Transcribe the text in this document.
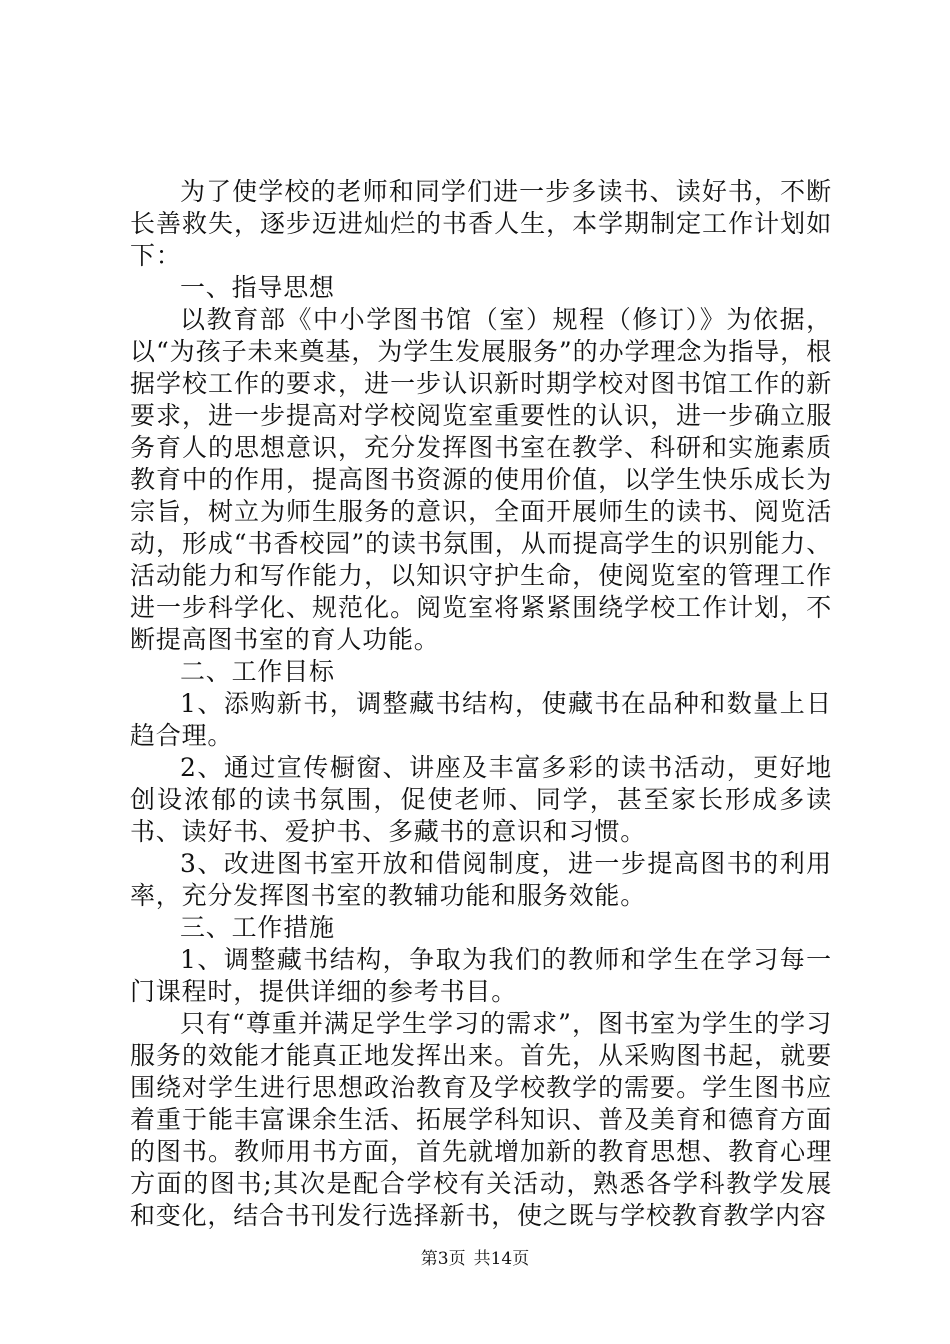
为了使学校的老师和同学们进一步多读书、读好书，不断长善救失，逐步迈进灿烂的书香人生，本学期制定工作计划如下：

一、指导思想

以教育部《中小学图书馆（室）规程（修订）》为依据，以“为孩子未来奠基，为学生发展服务”的办学理念为指导，根据学校工作的要求，进一步认识新时期学校对图书馆工作的新要求，进一步提高对学校阅览室重要性的认识，进一步确立服务育人的思想意识，充分发挥图书室在教学、科研和实施素质教育中的作用，提高图书资源的使用价值，以学生快乐成长为宗旨，树立为师生服务的意识，全面开展师生的读书、阅览活动，形成“书香校园”的读书氛围，从而提高学生的识别能力、活动能力和写作能力，以知识守护生命，使阅览室的管理工作进一步科学化、规范化。阅览室将紧紧围绕学校工作计划，不断提高图书室的育人功能。

二、工作目标

1、添购新书，调整藏书结构，使藏书在品种和数量上日趋合理。

2、通过宣传橱窗、讲座及丰富多彩的读书活动，更好地创设浓郁的读书氛围，促使老师、同学，甚至家长形成多读书、读好书、爱护书、多藏书的意识和习惯。

3、改进图书室开放和借阅制度，进一步提高图书的利用率，充分发挥图书室的教辅功能和服务效能。

三、工作措施

1、调整藏书结构，争取为我们的教师和学生在学习每一门课程时，提供详细的参考书目。

只有“尊重并满足学生学习的需求”，图书室为学生的学习服务的效能才能真正地发挥出来。首先，从采购图书起，就要围绕对学生进行思想政治教育及学校教学的需要。学生图书应着重于能丰富课余生活、拓展学科知识、普及美育和德育方面的图书。教师用书方面，首先就增加新的教育思想、教育心理方面的图书;其次是配合学校有关活动，熟悉各学科教学发展和变化，结合书刊发行选择新书，使之既与学校教育教学内容

第3页 共14页
